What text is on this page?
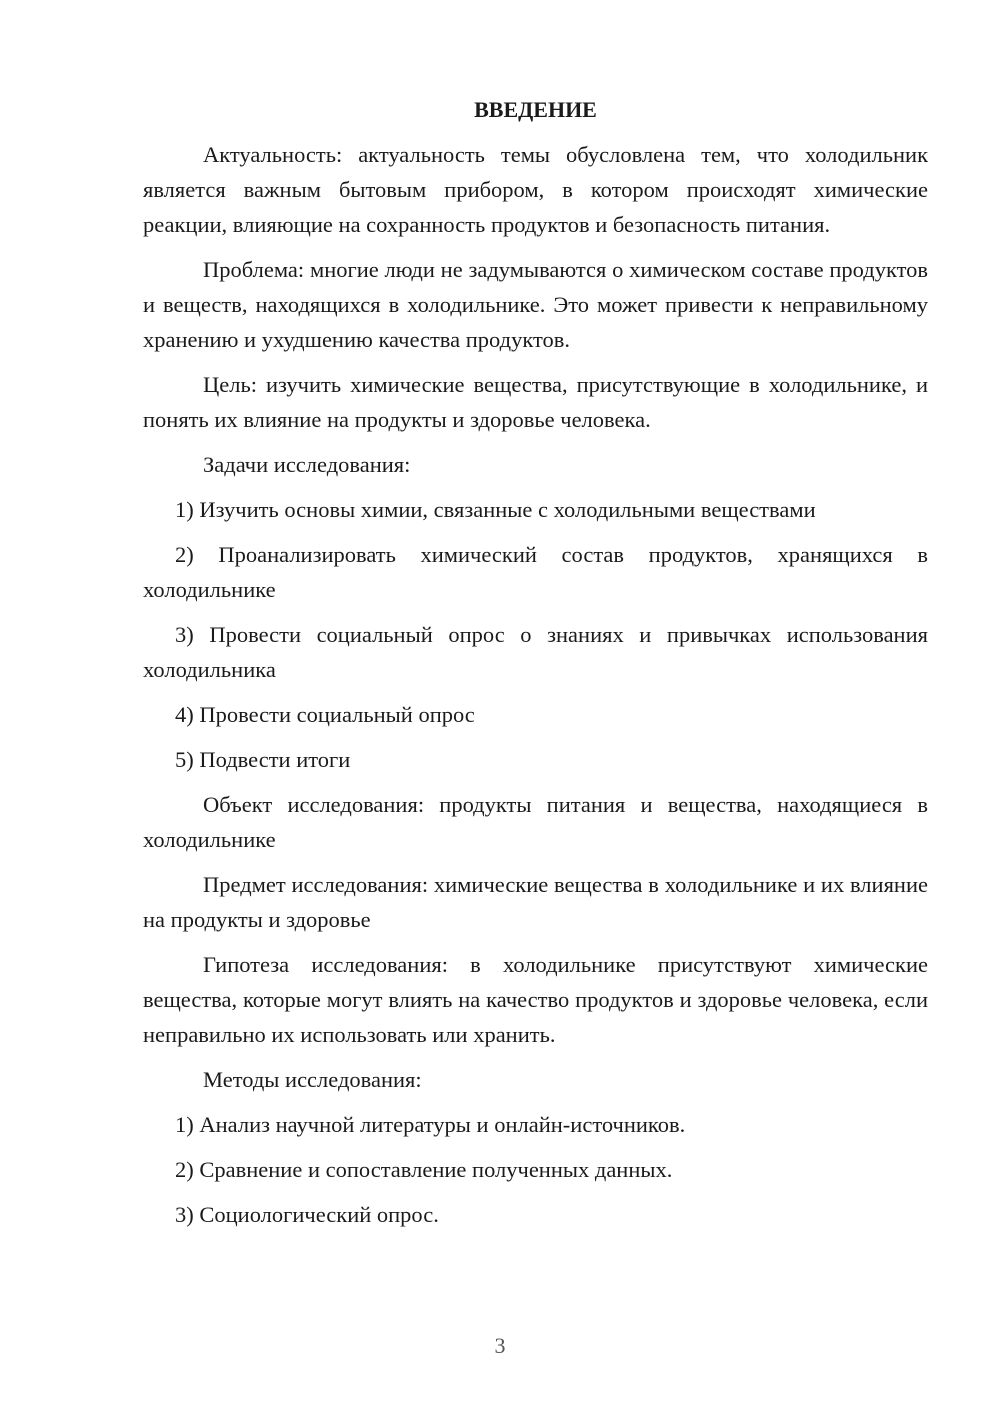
ВВЕДЕНИЕ

Актуальность: актуальность темы обусловлена тем, что холодильник является важным бытовым прибором, в котором происходят химические реакции, влияющие на сохранность продуктов и безопасность питания.

Проблема: многие люди не задумываются о химическом составе продуктов и веществ, находящихся в холодильнике. Это может привести к неправильному хранению и ухудшению качества продуктов.

Цель: изучить химические вещества, присутствующие в холодильнике, и понять их влияние на продукты и здоровье человека.

Задачи исследования:

1) Изучить основы химии, связанные с холодильными веществами

2) Проанализировать химический состав продуктов, хранящихся в холодильнике

3) Провести социальный опрос о знаниях и привычках использования холодильника

4) Провести социальный опрос

5) Подвести итоги

Объект исследования: продукты питания и вещества, находящиеся в холодильнике

Предмет исследования: химические вещества в холодильнике и их влияние на продукты и здоровье

Гипотеза исследования: в холодильнике присутствуют химические вещества, которые могут влиять на качество продуктов и здоровье человека, если неправильно их использовать или хранить.

Методы исследования:

1) Анализ научной литературы и онлайн-источников.

2) Сравнение и сопоставление полученных данных.

3) Социологический опрос.

3
